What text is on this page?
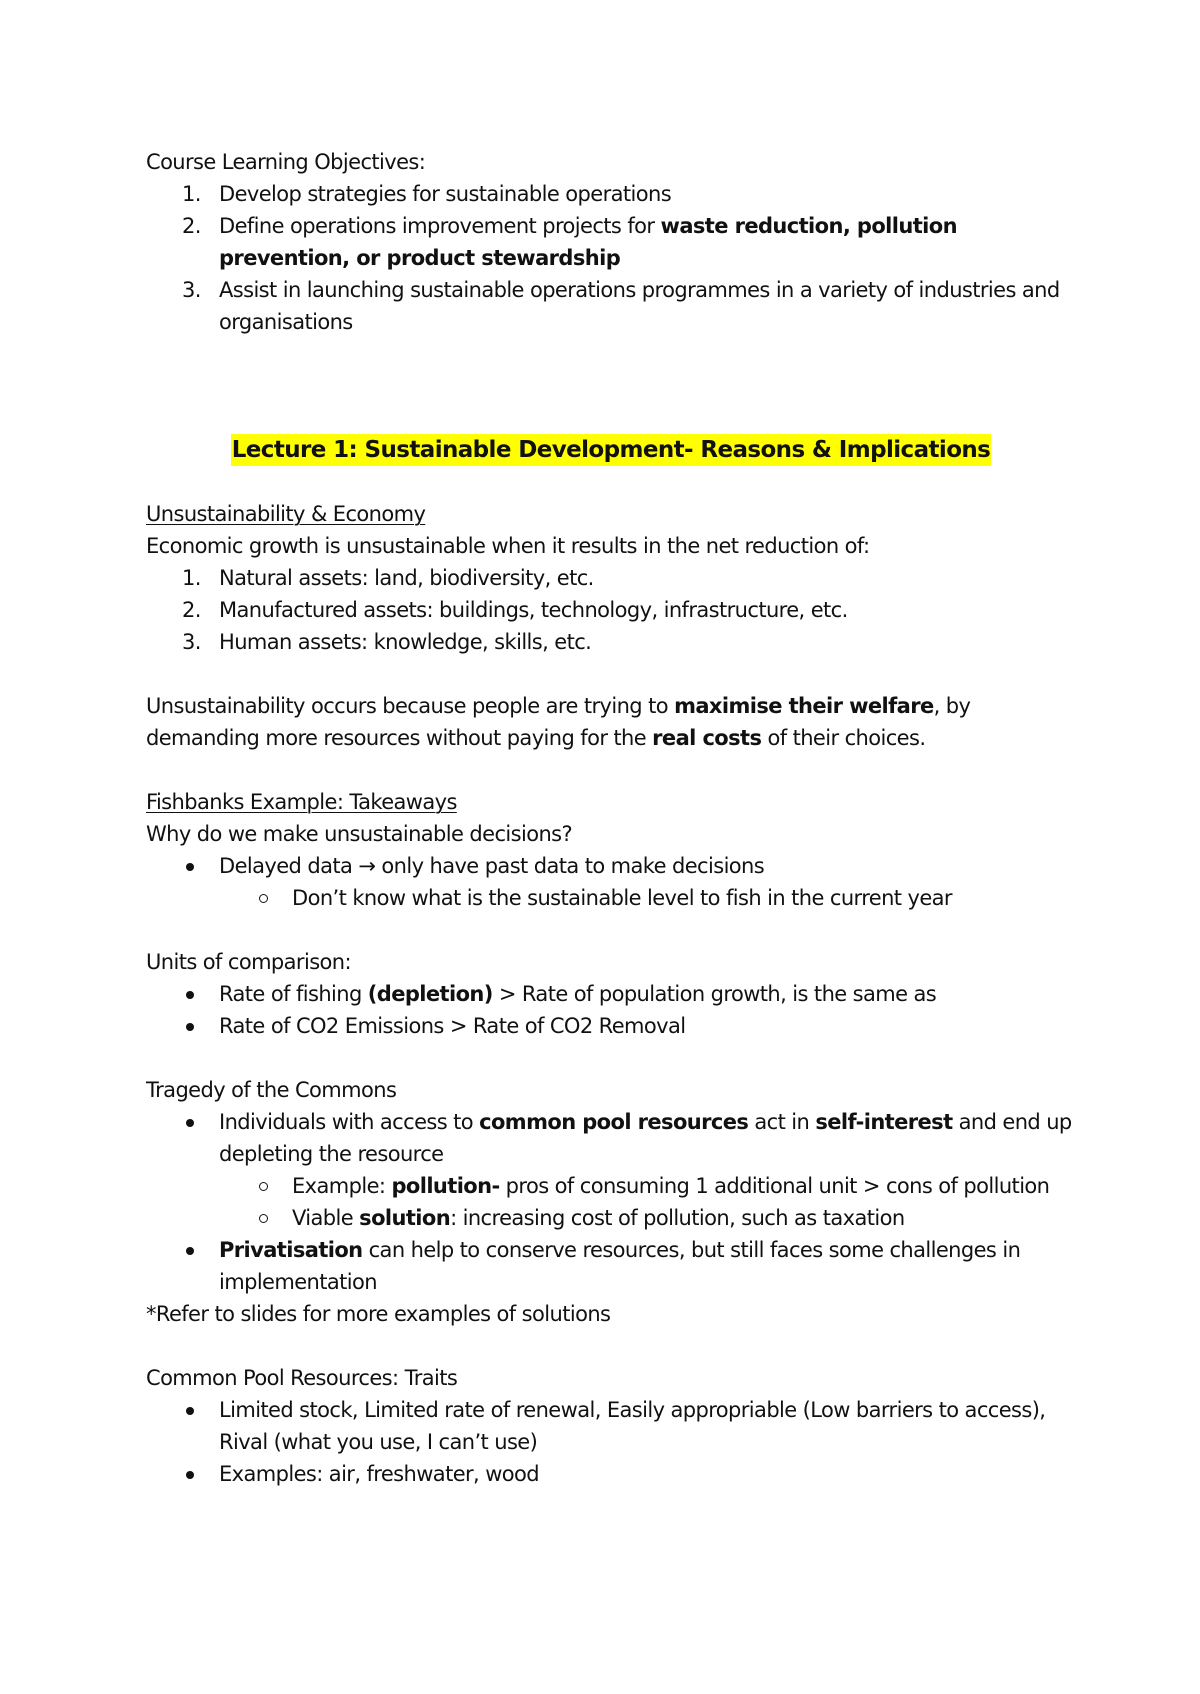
Course Learning Objectives:

1. Develop strategies for sustainable operations
2. Define operations improvement projects for waste reduction, pollution prevention, or product stewardship
3. Assist in launching sustainable operations programmes in a variety of industries and organisations
Lecture 1: Sustainable Development- Reasons & Implications

Unsustainability & Economy

Economic growth is unsustainable when it results in the net reduction of:

1. Natural assets: land, biodiversity, etc.
2. Manufactured assets: buildings, technology, infrastructure, etc.
3. Human assets: knowledge, skills, etc.

Unsustainability occurs because people are trying to maximise their welfare, by demanding more resources without paying for the real costs of their choices.

Fishbanks Example: Takeaways

Why do we make unsustainable decisions?

Delayed data → only have past data to make decisions
Don’t know what is the sustainable level to fish in the current year

Units of comparison:

Rate of fishing (depletion) > Rate of population growth, is the same as
Rate of CO2 Emissions > Rate of CO2 Removal

Tragedy of the Commons

Individuals with access to common pool resources act in self-interest and end up depleting the resource
Example: pollution- pros of consuming 1 additional unit > cons of pollution
Viable solution: increasing cost of pollution, such as taxation
Privatisation can help to conserve resources, but still faces some challenges in implementation

*Refer to slides for more examples of solutions

Common Pool Resources: Traits

Limited stock, Limited rate of renewal, Easily appropriable (Low barriers to access), Rival (what you use, I can’t use)
Examples: air, freshwater, wood
